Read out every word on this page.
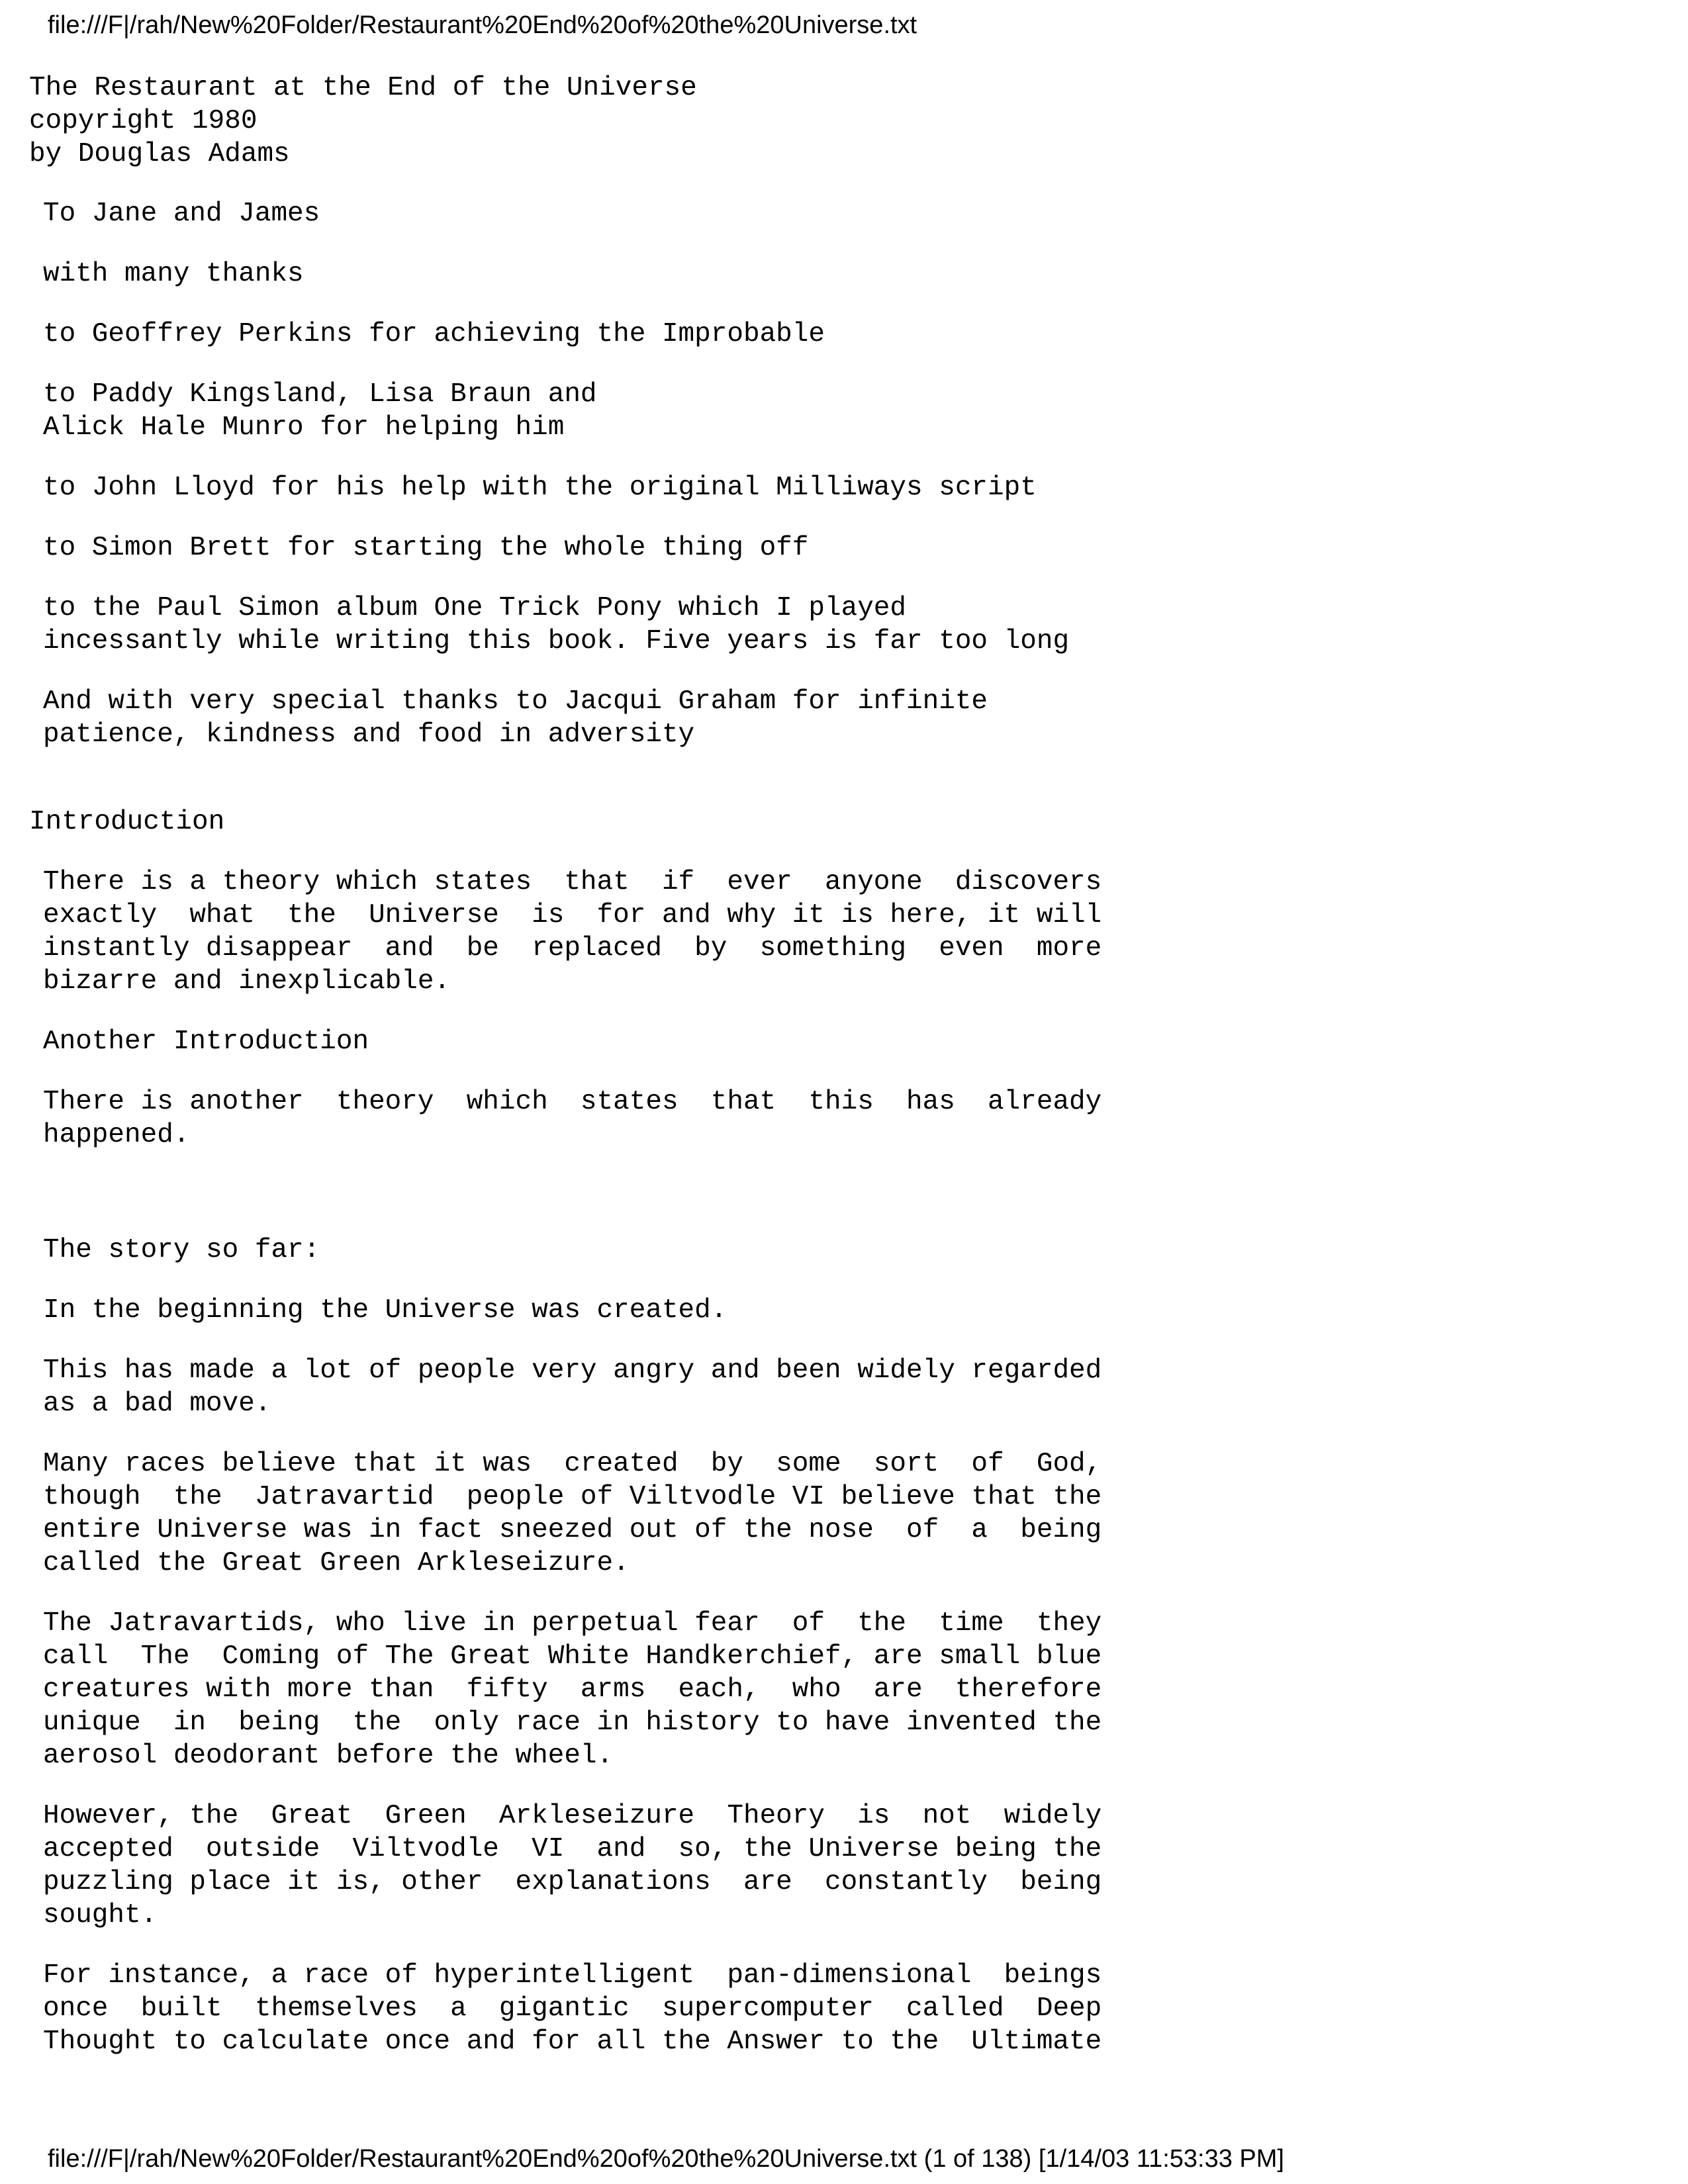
file:///F|/rah/New%20Folder/Restaurant%20End%20of%20the%20Universe.txt
The Restaurant at the End of the Universe
copyright 1980
by Douglas Adams
To Jane and James
with many thanks
to Geoffrey Perkins for achieving the Improbable
to Paddy Kingsland, Lisa Braun and
Alick Hale Munro for helping him
to John Lloyd for his help with the original Milliways script
to Simon Brett for starting the whole thing off
to the Paul Simon album One Trick Pony which I played
incessantly while writing this book. Five years is far too long
And with very special thanks to Jacqui Graham for infinite
patience, kindness and food in adversity
Introduction
There is a theory which states  that  if  ever  anyone  discovers
exactly  what  the  Universe  is  for and why it is here, it will
instantly disappear  and  be  replaced  by  something  even  more
bizarre and inexplicable.
Another Introduction
There is another  theory  which  states  that  this  has  already
happened.
The story so far:
In the beginning the Universe was created.
This has made a lot of people very angry and been widely regarded
as a bad move.
Many races believe that it was  created  by  some  sort  of  God,
though  the  Jatravartid  people of Viltvodle VI believe that the
entire Universe was in fact sneezed out of the nose  of  a  being
called the Great Green Arkleseizure.
The Jatravartids, who live in perpetual fear  of  the  time  they
call  The  Coming of The Great White Handkerchief, are small blue
creatures with more than  fifty  arms  each,  who  are  therefore
unique  in  being  the  only race in history to have invented the
aerosol deodorant before the wheel.
However, the  Great  Green  Arkleseizure  Theory  is  not  widely
accepted  outside  Viltvodle  VI  and  so, the Universe being the
puzzling place it is, other  explanations  are  constantly  being
sought.
For instance, a race of hyperintelligent  pan-dimensional  beings
once  built  themselves  a  gigantic  supercomputer  called  Deep
Thought to calculate once and for all the Answer to the  Ultimate
file:///F|/rah/New%20Folder/Restaurant%20End%20of%20the%20Universe.txt (1 of 138) [1/14/03 11:53:33 PM]
